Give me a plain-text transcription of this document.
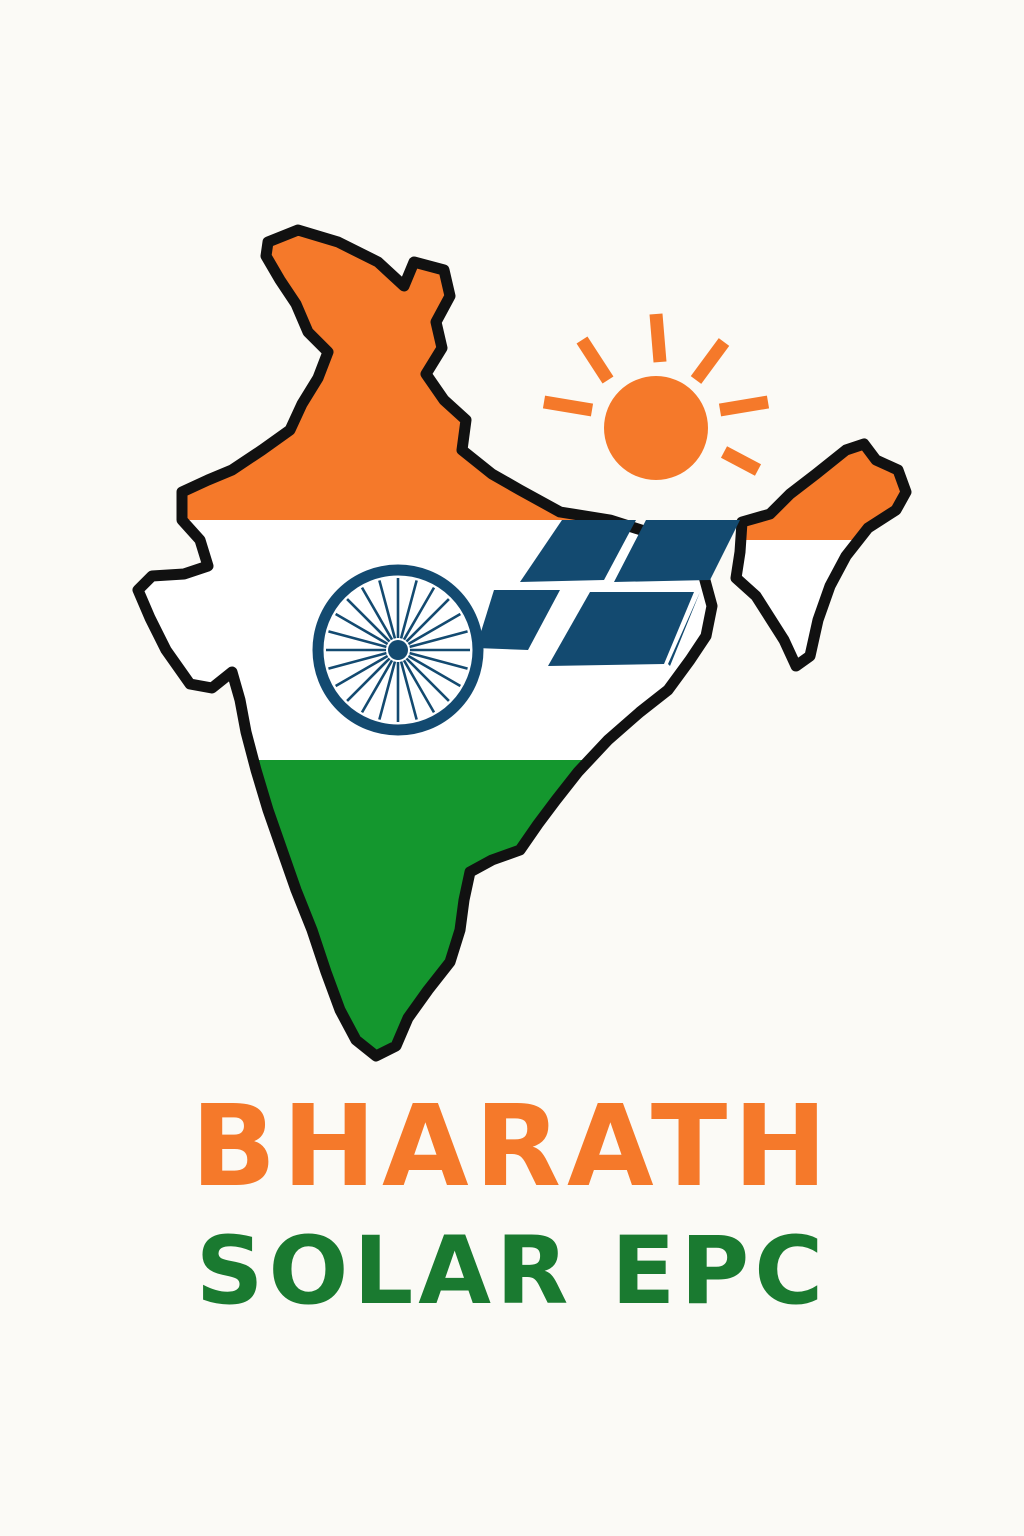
BHARATH
SOLAR EPC
